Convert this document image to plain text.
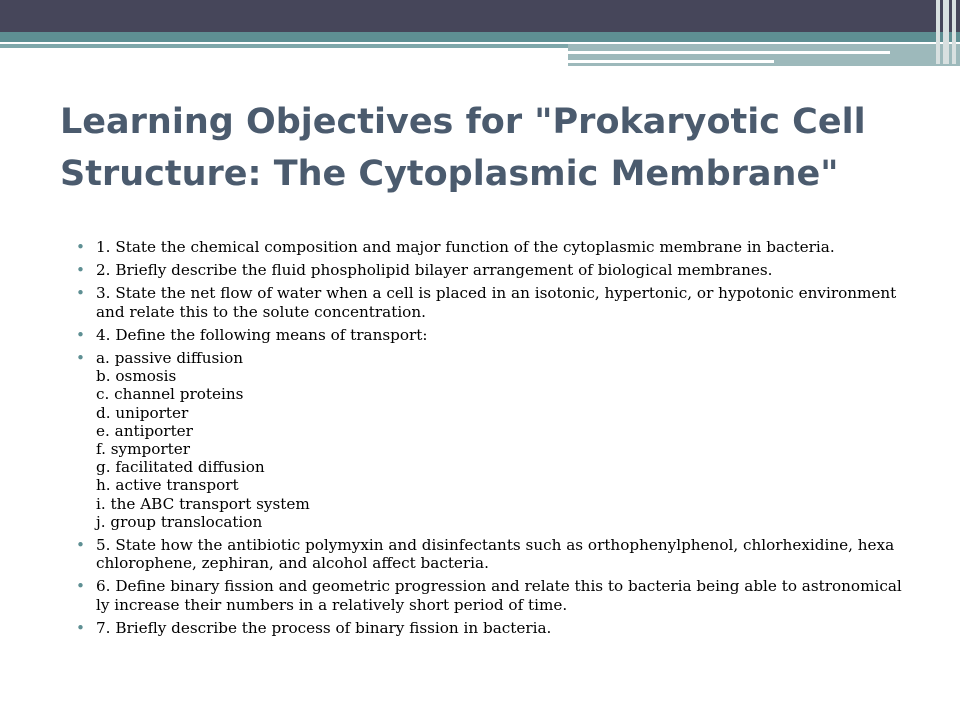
Learning Objectives for "Prokaryotic Cell Structure: The Cytoplasmic Membrane"
• 1. State the chemical composition and major function of the cytoplasmic membrane in bacteria.
• 2. Briefly describe the fluid phospholipid bilayer arrangement of biological membranes.
• 3. State the net flow of water when a cell is placed in an isotonic, hypertonic, or hypotonic environment and relate this to the solute concentration.
• 4. Define the following means of transport:
• a. passive diffusion
b. osmosis
c. channel proteins
d. uniporter
e. antiporter
f. symporter
g. facilitated diffusion
h. active transport
i. the ABC transport system
j. group translocation
• 5. State how the antibiotic polymyxin and disinfectants such as orthophenylphenol, chlorhexidine, hexachlorophene, zephiran, and alcohol affect bacteria.
• 6. Define binary fission and geometric progression and relate this to bacteria being able to astronomically increase their numbers in a relatively short period of time.
• 7. Briefly describe the process of binary fission in bacteria.
